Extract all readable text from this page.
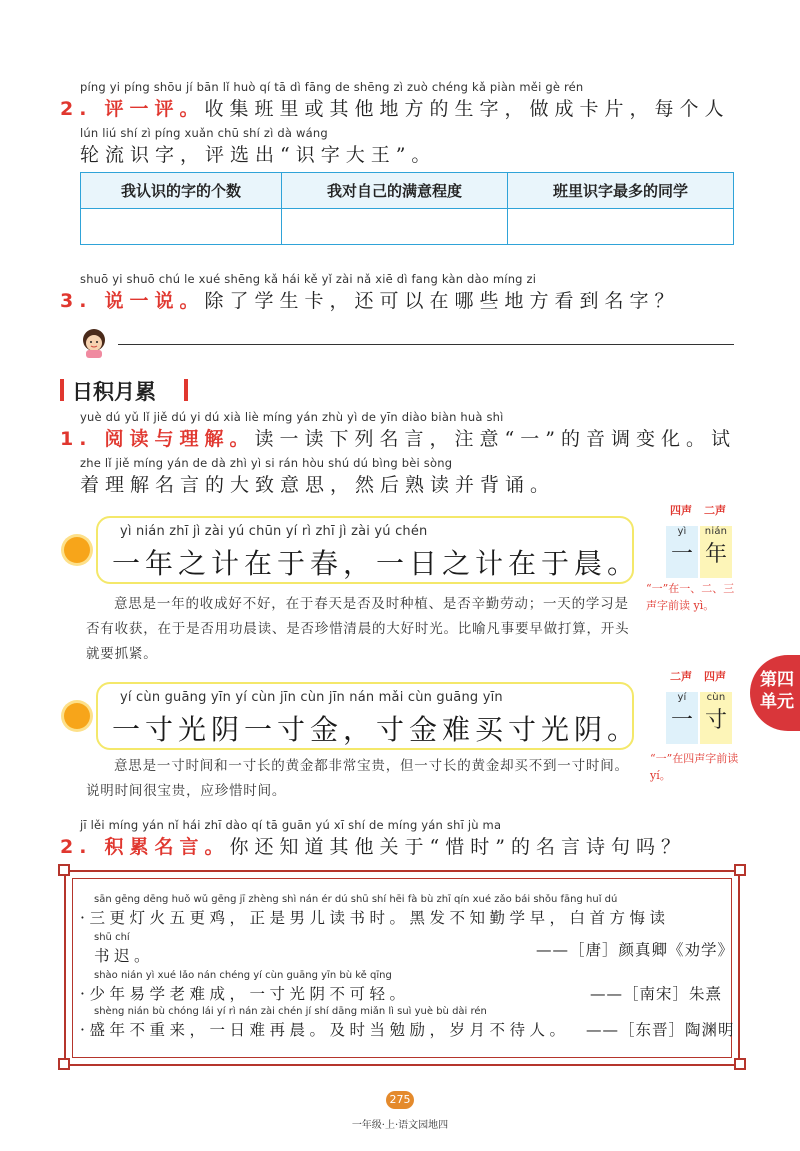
píng yi píng shōu jí bān lǐ huò qí tā dì fāng de shēng zì zuò chéng kǎ piàn měi gè rén
2. 评一评。收集班里或其他地方的生字，做成卡片，每个人
lún liú shí zì píng xuǎn chū shí zì dà wáng
轮流识字，评选出“识字大王”。
我认识的字的个数	我对自己的满意程度	班里识字最多的同学

shuō yi shuō chú le xué shēng kǎ hái kě yǐ zài nǎ xiē dì fang kàn dào míng zi
3. 说一说。除了学生卡，还可以在哪些地方看到名字？
日积月累
yuè dú yǔ lǐ jiě dú yi dú xià liè míng yán zhù yì de yīn diào biàn huà shì
1. 阅读与理解。读一读下列名言，注意“一”的音调变化。试
zhe lǐ jiě míng yán de dà zhì yì si rán hòu shú dú bìng bèi sòng
着理解名言的大致意思，然后熟读并背诵。
yì nián zhī jì zài yú chūn yí rì zhī jì zài yú chén
一年之计在于春，一日之计在于晨。
意思是一年的收成好不好，在于春天是否及时种植、是否辛勤劳动；一天的学习是否有收获，在于是否用功晨读、是否珍惜清晨的大好时光。比喻凡事要早做打算，开头就要抓紧。
四声 二声
yì
一
nián
年
“一”在一、二、三声字前读 yì。
yí cùn guāng yīn yí cùn jīn cùn jīn nán mǎi cùn guāng yīn
一寸光阴一寸金，寸金难买寸光阴。
意思是一寸时间和一寸长的黄金都非常宝贵，但一寸长的黄金却买不到一寸时间。说明时间很宝贵，应珍惜时间。
二声 四声
yí
一
cùn
寸
“一”在四声字前读 yí。
第四
单元
jī lěi míng yán nǐ hái zhī dào qí tā guān yú xī shí de míng yán shī jù ma
2. 积累名言。你还知道其他关于“惜时”的名言诗句吗？
sān gēng dēng huǒ wǔ gēng jī zhèng shì nán ér dú shū shí hēi fà bù zhī qín xué zǎo bái shǒu fāng huǐ dú
·三更灯火五更鸡，正是男儿读书时。黑发不知勤学早，白首方悔读
shū chí
书迟。	——［唐］颜真卿《劝学》
shào nián yì xué lǎo nán chéng yí cùn guāng yīn bù kě qīng
·少年易学老难成，一寸光阴不可轻。	——［南宋］朱熹
shèng nián bù chóng lái yí rì nán zài chén jí shí dāng miǎn lì suì yuè bù dài rén
·盛年不重来，一日难再晨。及时当勉励，岁月不待人。 ——［东晋］陶渊明
275
一年级·上·语文园地四
